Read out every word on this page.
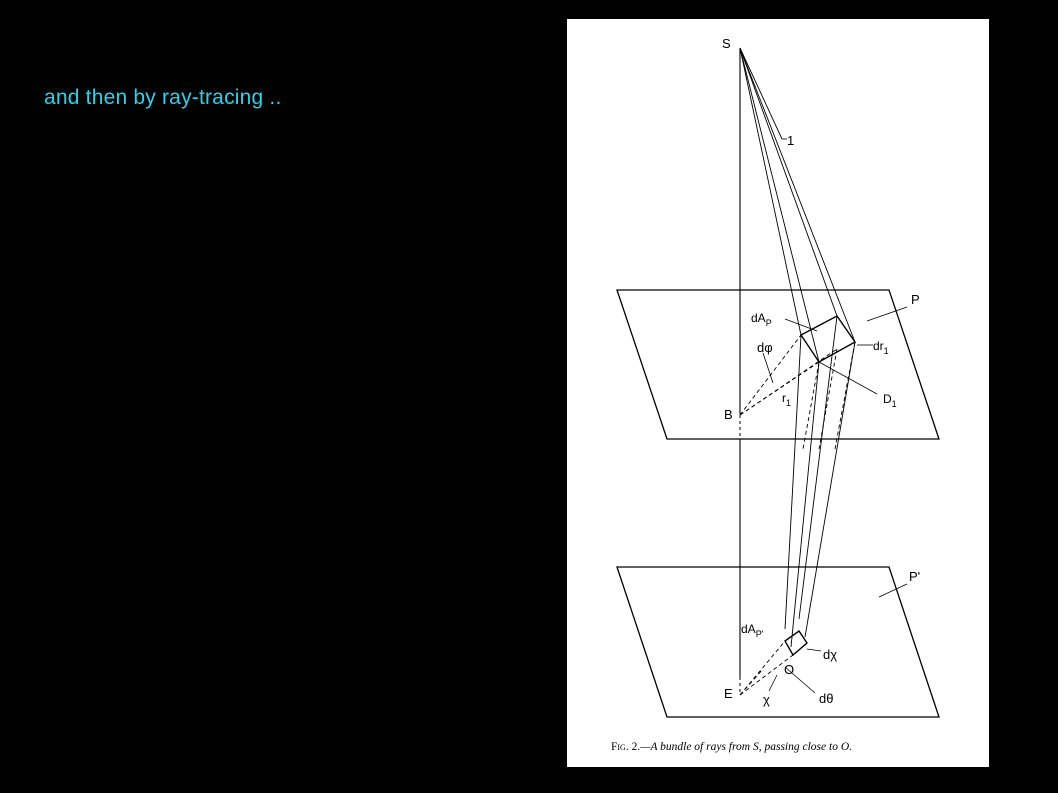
and then by ray-tracing ..
S
1
P
$dA_P$
dφ	$dr_1$
$r_1$	$D_1$
B
P'
$dA_{P'}$
dχ
O
E χ	dθ
Fig. 2.—A bundle of rays from S, passing close to O.
